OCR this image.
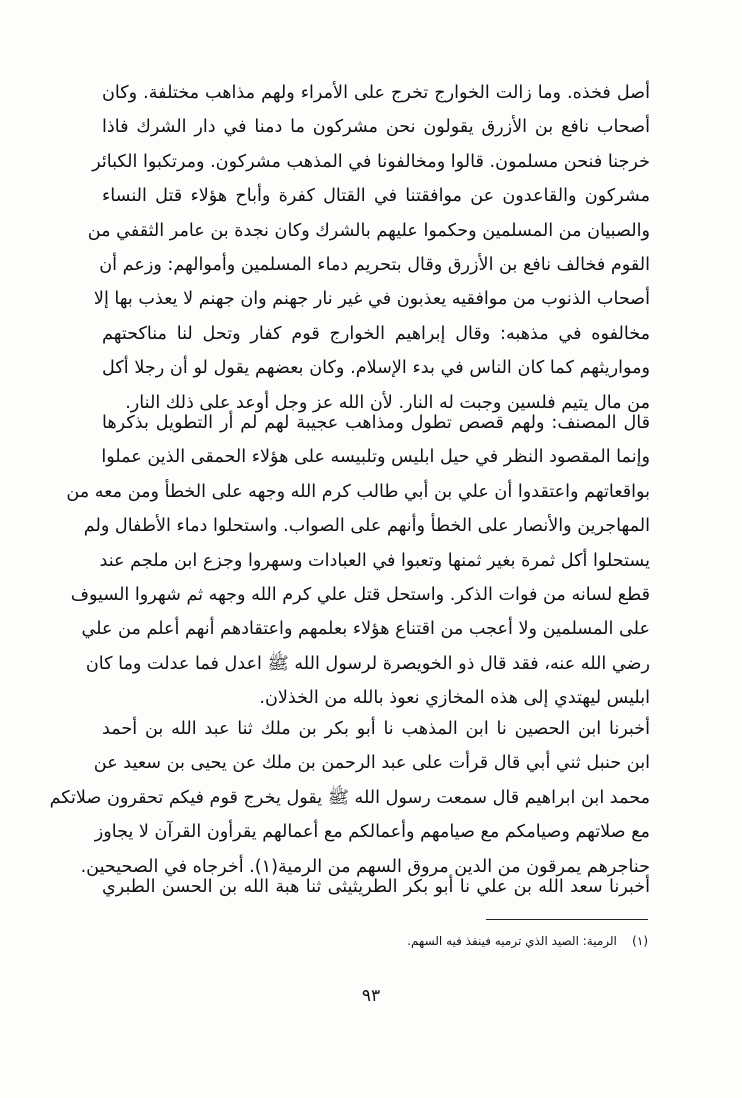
أصل فخذه. وما زالت الخوارج تخرج على الأمراء ولهم مذاهب مختلفة. وكان
أصحاب نافع بن الأزرق يقولون نحن مشركون ما دمنا في دار الشرك فاذا
خرجنا فنحن مسلمون. قالوا ومخالفونا في المذهب مشركون. ومرتكبوا الكبائر
مشركون والقاعدون عن موافقتنا في القتال كفرة وأباح هؤلاء قتل النساء
والصبيان من المسلمين وحكموا عليهم بالشرك وكان نجدة بن عامر الثقفي من
القوم فخالف نافع بن الأزرق وقال بتحريم دماء المسلمين وأموالهم: وزعم أن
أصحاب الذنوب من موافقيه يعذبون في غير نار جهنم وان جهنم لا يعذب بها إلا
مخالفوه في مذهبه: وقال إبراهيم الخوارج قوم كفار وتحل لنا مناكحتهم
ومواريثهم كما كان الناس في بدء الإسلام. وكان بعضهم يقول لو أن رجلا أكل
من مال يتيم فلسين وجبت له النار. لأن الله عز وجل أوعد على ذلك النار.
قال المصنف: ولهم قصص تطول ومذاهب عجيبة لهم لم أر التطويل بذكرها
وإنما المقصود النظر في حيل ابليس وتلبيسه على هؤلاء الحمقى الذين عملوا
بواقعاتهم واعتقدوا أن علي بن أبي طالب كرم الله وجهه على الخطأ ومن معه من
المهاجرين والأنصار على الخطأ وأنهم على الصواب. واستحلوا دماء الأطفال ولم
يستحلوا أكل ثمرة بغير ثمنها وتعبوا في العبادات وسهروا وجزع ابن ملجم عند
قطع لسانه من فوات الذكر. واستحل قتل علي كرم الله وجهه ثم شهروا السيوف
على المسلمين ولا أعجب من اقتناع هؤلاء بعلمهم واعتقادهم أنهم أعلم من علي
رضي الله عنه، فقد قال ذو الخويصرة لرسول الله ﷺ اعدل فما عدلت وما كان
ابليس ليهتدي إلى هذه المخازي نعوذ بالله من الخذلان.
أخبرنا ابن الحصين نا ابن المذهب نا أبو بكر بن ملك ثنا عبد الله بن أحمد
ابن حنبل ثني أبي قال قرأت على عبد الرحمن بن ملك عن يحيى بن سعيد عن
محمد ابن ابراهيم قال سمعت رسول الله ﷺ يقول يخرج قوم فيكم تحقرون صلاتكم
مع صلاتهم وصيامكم مع صيامهم وأعمالكم مع أعمالهم يقرأون القرآن لا يجاوز
حناجرهم يمرقون من الدين مروق السهم من الرمية(١). أخرجاه في الصحيحين.
أخبرنا سعد الله بن علي نا أبو بكر الطريثيثى ثنا هبة الله بن الحسن الطبري
(١)    الرمية: الصيد الذي ترميه فينفذ فيه السهم.
٩٣
